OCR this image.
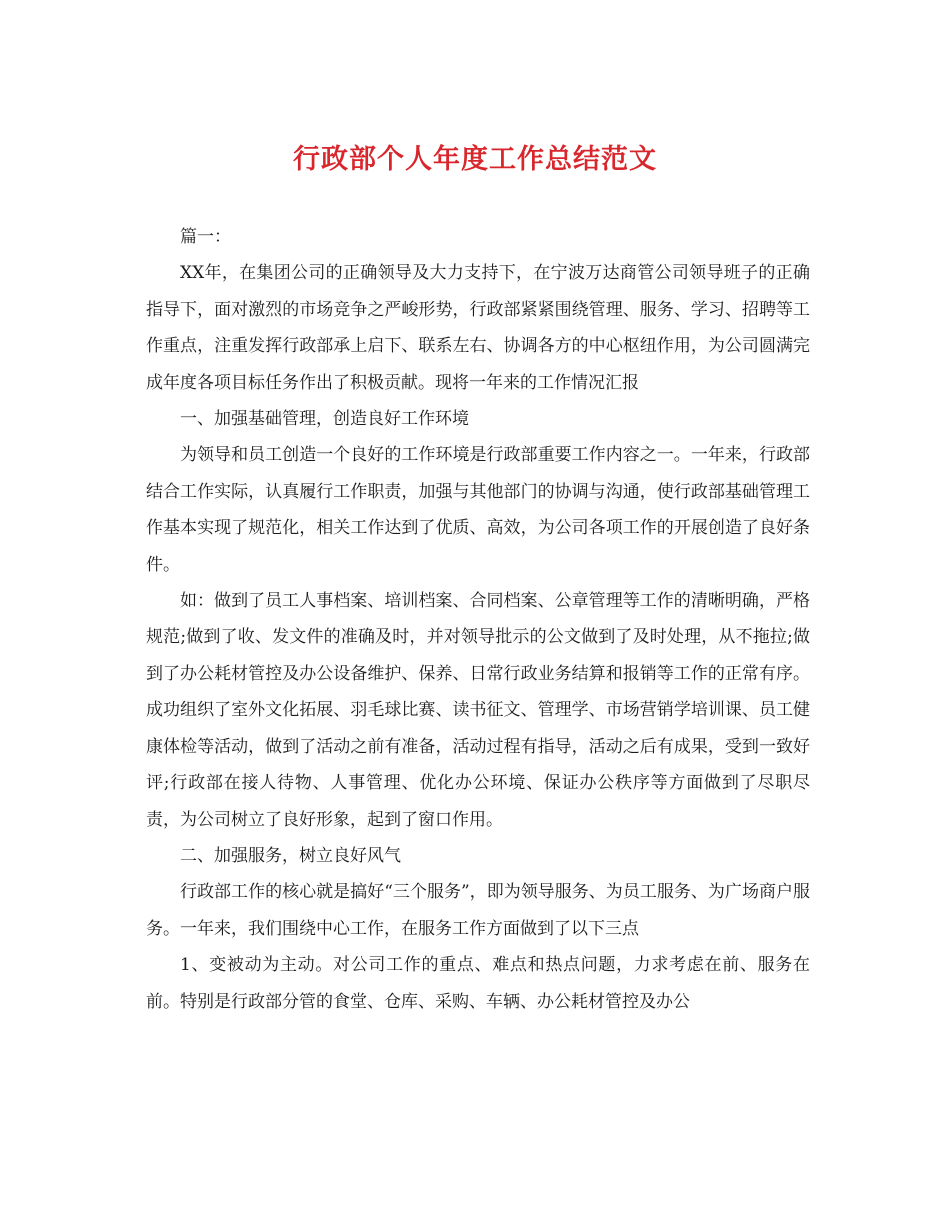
行政部个人年度工作总结范文

篇一：

XX年，在集团公司的正确领导及大力支持下，在宁波万达商管公司领导班子的正确指导下，面对激烈的市场竞争之严峻形势，行政部紧紧围绕管理、服务、学习、招聘等工作重点，注重发挥行政部承上启下、联系左右、协调各方的中心枢纽作用，为公司圆满完成年度各项目标任务作出了积极贡献。现将一年来的工作情况汇报

一、加强基础管理，创造良好工作环境

为领导和员工创造一个良好的工作环境是行政部重要工作内容之一。一年来，行政部结合工作实际，认真履行工作职责，加强与其他部门的协调与沟通，使行政部基础管理工作基本实现了规范化，相关工作达到了优质、高效，为公司各项工作的开展创造了良好条件。

如：做到了员工人事档案、培训档案、合同档案、公章管理等工作的清晰明确，严格规范;做到了收、发文件的准确及时，并对领导批示的公文做到了及时处理，从不拖拉;做到了办公耗材管控及办公设备维护、保养、日常行政业务结算和报销等工作的正常有序。成功组织了室外文化拓展、羽毛球比赛、读书征文、管理学、市场营销学培训课、员工健康体检等活动，做到了活动之前有准备，活动过程有指导，活动之后有成果，受到一致好评;行政部在接人待物、人事管理、优化办公环境、保证办公秩序等方面做到了尽职尽责，为公司树立了良好形象，起到了窗口作用。

二、加强服务，树立良好风气

行政部工作的核心就是搞好“三个服务”，即为领导服务、为员工服务、为广场商户服务。一年来，我们围绕中心工作，在服务工作方面做到了以下三点

1、变被动为主动。对公司工作的重点、难点和热点问题，力求考虑在前、服务在前。特别是行政部分管的食堂、仓库、采购、车辆、办公耗材管控及办公
